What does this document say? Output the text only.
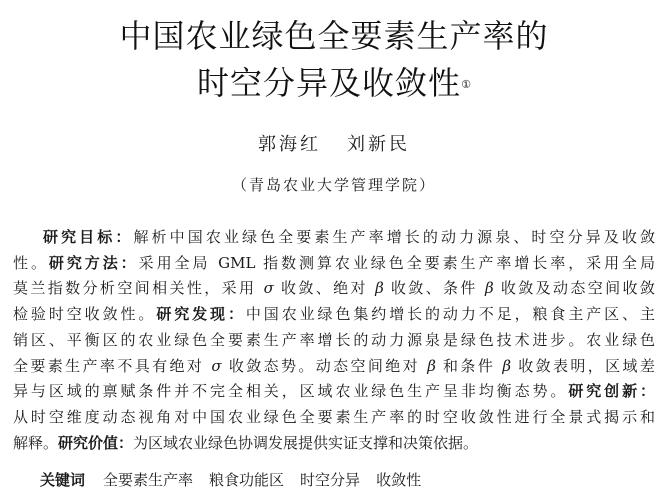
中国农业绿色全要素生产率的
时空分异及收敛性①
郭海红 刘新民
（青岛农业大学管理学院）
研究目标：解析中国农业绿色全要素生产率增长的动力源泉、时空分异及收敛
性。研究方法：采用全局 GML 指数测算农业绿色全要素生产率增长率，采用全局
莫兰指数分析空间相关性，采用 σ 收敛、绝对 β 收敛、条件 β 收敛及动态空间收敛
检验时空收敛性。研究发现：中国农业绿色集约增长的动力不足，粮食主产区、主
销区、平衡区的农业绿色全要素生产率增长的动力源泉是绿色技术进步。农业绿色
全要素生产率不具有绝对 σ 收敛态势。动态空间绝对 β 和条件 β 收敛表明，区域差
异与区域的禀赋条件并不完全相关，区域农业绿色生产呈非均衡态势。研究创新：
从时空维度动态视角对中国农业绿色全要素生产率的时空收敛性进行全景式揭示和
解释。研究价值：为区域农业绿色协调发展提供实证支撑和决策依据。
关键词 全要素生产率 粮食功能区 时空分异 收敛性
